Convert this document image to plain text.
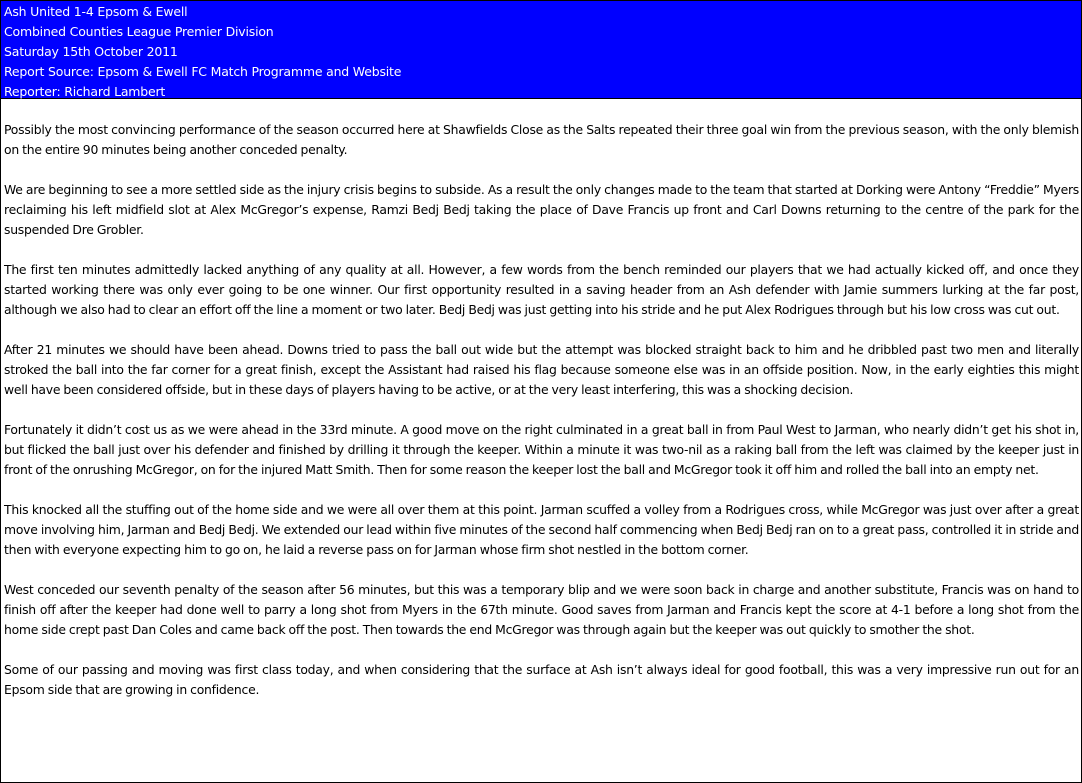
Ash United 1-4 Epsom & Ewell
Combined Counties League Premier Division
Saturday 15th October 2011
Report Source: Epsom & Ewell FC Match Programme and Website
Reporter: Richard Lambert

Possibly the most convincing performance of the season occurred here at Shawfields Close as the Salts repeated their three goal win from the previous season, with the only blemish on the entire 90 minutes being another conceded penalty.

We are beginning to see a more settled side as the injury crisis begins to subside. As a result the only changes made to the team that started at Dorking were Antony “Freddie” Myers reclaiming his left midfield slot at Alex McGregor’s expense, Ramzi Bedj Bedj taking the place of Dave Francis up front and Carl Downs returning to the centre of the park for the suspended Dre Grobler.

The first ten minutes admittedly lacked anything of any quality at all. However, a few words from the bench reminded our players that we had actually kicked off, and once they started working there was only ever going to be one winner. Our first opportunity resulted in a saving header from an Ash defender with Jamie summers lurking at the far post, although we also had to clear an effort off the line a moment or two later. Bedj Bedj was just getting into his stride and he put Alex Rodrigues through but his low cross was cut out.

After 21 minutes we should have been ahead. Downs tried to pass the ball out wide but the attempt was blocked straight back to him and he dribbled past two men and literally stroked the ball into the far corner for a great finish, except the Assistant had raised his flag because someone else was in an offside position. Now, in the early eighties this might well have been considered offside, but in these days of players having to be active, or at the very least interfering, this was a shocking decision.

Fortunately it didn’t cost us as we were ahead in the 33rd minute. A good move on the right culminated in a great ball in from Paul West to Jarman, who nearly didn’t get his shot in, but flicked the ball just over his defender and finished by drilling it through the keeper. Within a minute it was two-nil as a raking ball from the left was claimed by the keeper just in front of the onrushing McGregor, on for the injured Matt Smith. Then for some reason the keeper lost the ball and McGregor took it off him and rolled the ball into an empty net.

This knocked all the stuffing out of the home side and we were all over them at this point. Jarman scuffed a volley from a Rodrigues cross, while McGregor was just over after a great move involving him, Jarman and Bedj Bedj. We extended our lead within five minutes of the second half commencing when Bedj Bedj ran on to a great pass, controlled it in stride and then with everyone expecting him to go on, he laid a reverse pass on for Jarman whose firm shot nestled in the bottom corner.

West conceded our seventh penalty of the season after 56 minutes, but this was a temporary blip and we were soon back in charge and another substitute, Francis was on hand to finish off after the keeper had done well to parry a long shot from Myers in the 67th minute. Good saves from Jarman and Francis kept the score at 4-1 before a long shot from the home side crept past Dan Coles and came back off the post. Then towards the end McGregor was through again but the keeper was out quickly to smother the shot.

Some of our passing and moving was first class today, and when considering that the surface at Ash isn’t always ideal for good football, this was a very impressive run out for an Epsom side that are growing in confidence.
